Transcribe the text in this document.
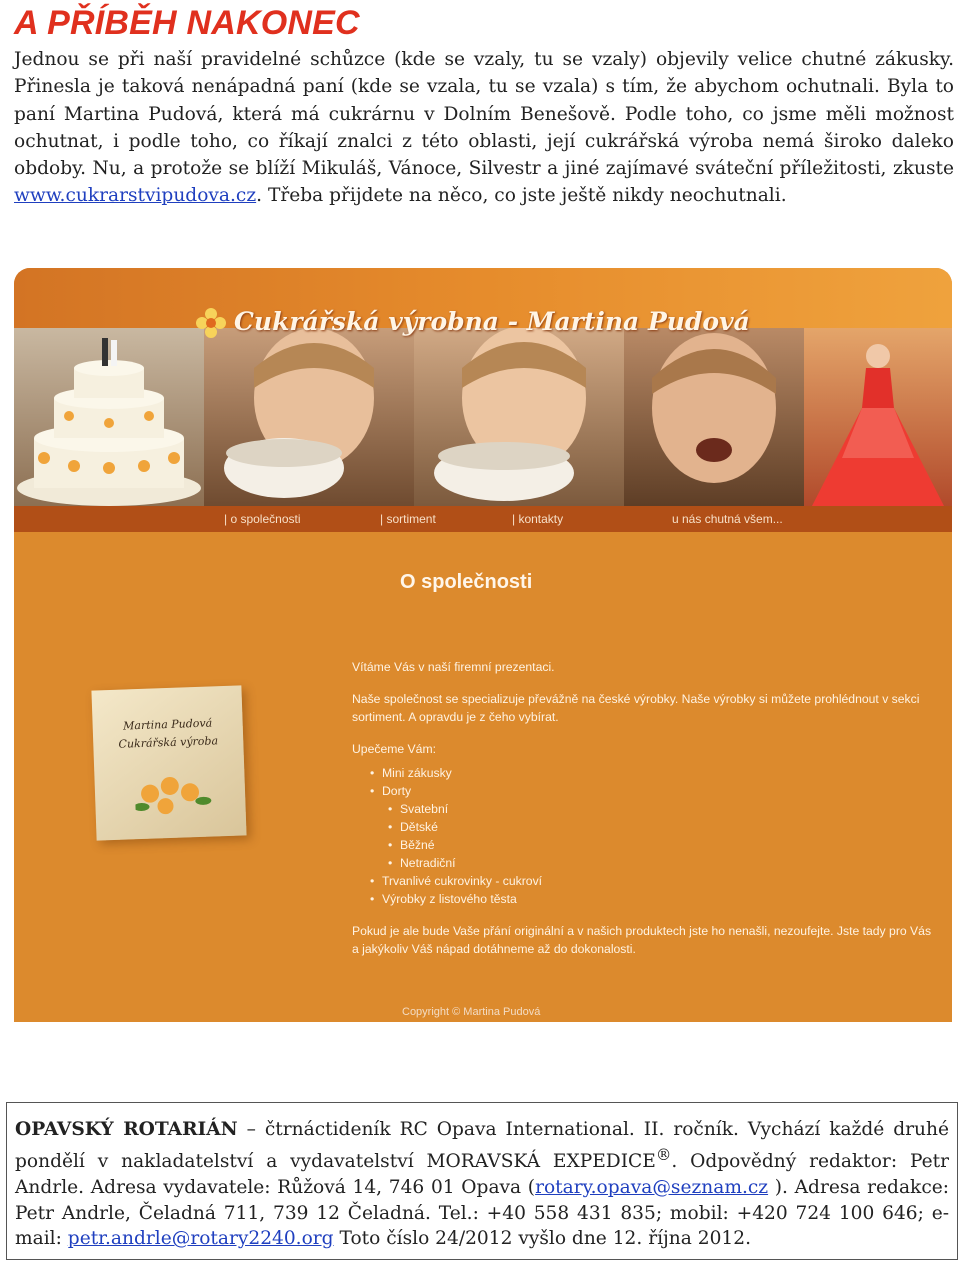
A PŘÍBĚH NAKONEC

Jednou se při naší pravidelné schůzce (kde se vzaly, tu se vzaly) objevily velice chutné zákusky. Přinesla je taková nenápadná paní (kde se vzala, tu se vzala) s tím, že abychom ochutnali. Byla to paní Martina Pudová, která má cukrárnu v Dolním Benešově. Podle toho, co jsme měli možnost ochutnat, i podle toho, co říkají znalci z této oblasti, její cukrářská výroba nemá široko daleko obdoby. Nu, a protože se blíží Mikuláš, Vánoce, Silvestr a jiné zajímavé sváteční příležitosti, zkuste www.cukrarstvipudova.cz. Třeba přijdete na něco, co jste ještě nikdy neochutnali.

Cukrářská výrobna - Martina Pudová
| o společnosti	| sortiment	| kontakty	u nás chutná všem...
O společnosti
Martina Pudová
Cukrářská výroba

Vítáme Vás v naší firemní prezentaci.

Naše společnost se specializuje převážně na české výrobky. Naše výrobky si můžete prohlédnout v sekci sortiment. A opravdu je z čeho vybírat.

Upečeme Vám:
• Mini zákusky
• Dorty
• Svatební
• Dětské
• Běžné
• Netradiční
• Trvanlivé cukrovinky - cukroví
• Výrobky z listového těsta

Pokud je ale bude Vaše přání originální a v našich produktech jste ho nenašli, nezoufejte. Jste tady pro Vás a jakýkoliv Váš nápad dotáhneme až do dokonalosti.

Copyright © Martina Pudová
OPAVSKÝ ROTARIÁN – čtrnáctideník RC Opava International. II. ročník. Vychází každé druhé pondělí v nakladatelství a vydavatelství MORAVSKÁ EXPEDICE®. Odpovědný redaktor: Petr Andrle. Adresa vydavatele: Růžová 14, 746 01 Opava (rotary.opava@seznam.cz ). Adresa redakce: Petr Andrle, Čeladná 711, 739 12 Čeladná. Tel.: +40 558 431 835; mobil: +420 724 100 646; e-mail: petr.andrle@rotary2240.org Toto číslo 24/2012 vyšlo dne 12. října 2012.
